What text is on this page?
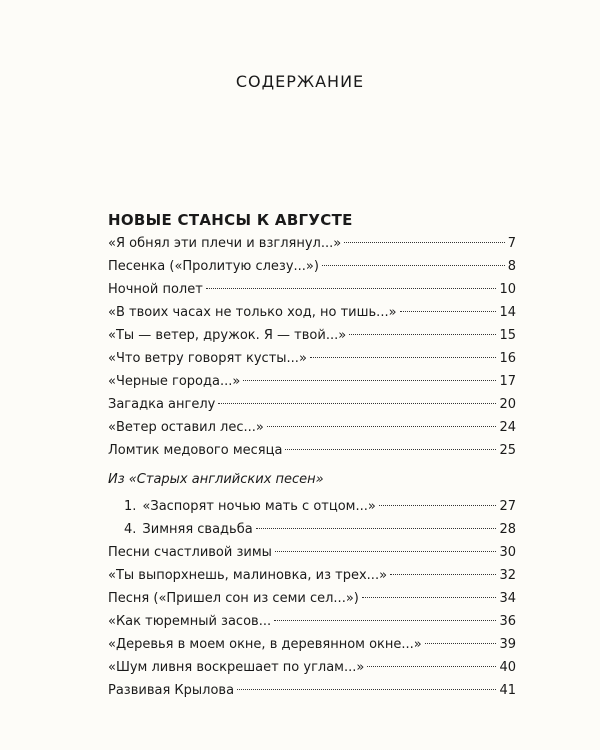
СОДЕРЖАНИЕ
НОВЫЕ СТАНСЫ К АВГУСТЕ
«Я обнял эти плечи и взглянул...»	7
Песенка («Пролитую слезу...»)	8
Ночной полет	10
«В твоих часах не только ход, но тишь...»	14
«Ты — ветер, дружок. Я — твой...»	15
«Что ветру говорят кусты...»	16
«Черные города...»	17
Загадка ангелу	20
«Ветер оставил лес...»	24
Ломтик медового месяца	25
Из «Старых английских песен»
1. «Заспорят ночью мать с отцом...»	27
4. Зимняя свадьба	28
Песни счастливой зимы	30
«Ты выпорхнешь, малиновка, из трех...»	32
Песня («Пришел сон из семи сел...»)	34
«Как тюремный засов...	36
«Деревья в моем окне, в деревянном окне...»	39
«Шум ливня воскрешает по углам...»	40
Развивая Крылова	41
